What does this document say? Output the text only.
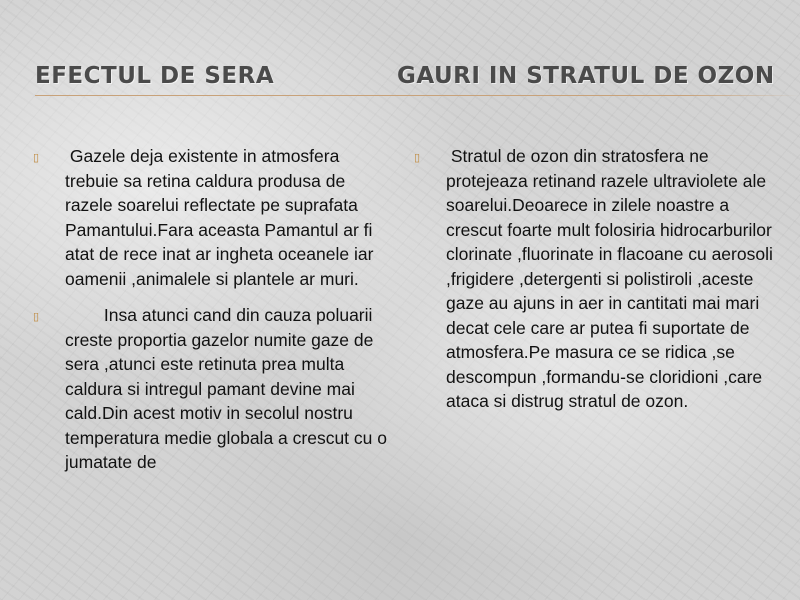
EFECTUL DE SERA	GAURI IN STRATUL DE OZON
▯ Gazele deja existente in atmosfera trebuie sa retina caldura produsa de razele soarelui reflectate pe suprafata Pamantului.Fara aceasta Pamantul ar fi atat de rece inat ar ingheta oceanele iar oamenii ,animalele si plantele ar muri.
▯ Insa atunci cand din cauza poluarii creste proportia gazelor numite gaze de sera ,atunci este retinuta prea multa caldura si intregul pamant devine mai cald.Din acest motiv in secolul nostru temperatura medie globala a crescut cu o jumatate de
▯ Stratul de ozon din stratosfera ne protejeaza retinand razele ultraviolete ale soarelui.Deoarece in zilele noastre a crescut foarte mult folosiria hidrocarburilor clorinate ,fluorinate in flacoane cu aerosoli ,frigidere ,detergenti si polistiroli ,aceste gaze au ajuns in aer in cantitati mai mari decat cele care ar putea fi suportate de atmosfera.Pe masura ce se ridica ,se descompun ,formandu-se cloridioni ,care ataca si distrug stratul de ozon.
